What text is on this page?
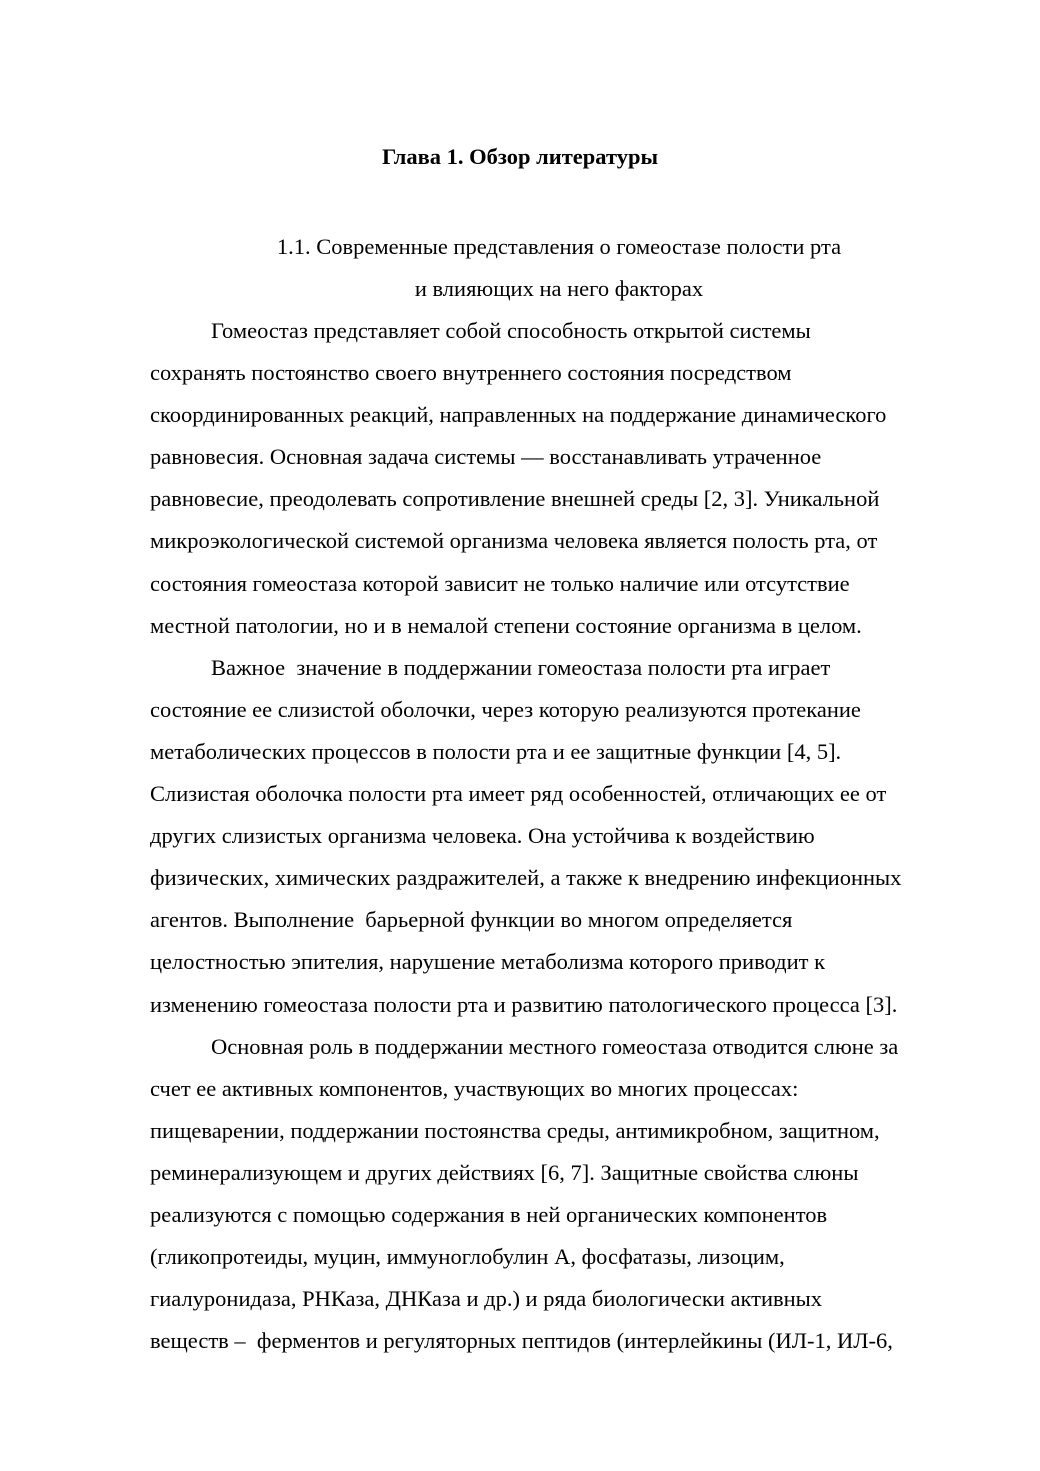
Глава 1. Обзор литературы
1.1. Современные представления о гомеостазе полости рта
и влияющих на него факторах
Гомеостаз представляет собой способность открытой системы
сохранять постоянство своего внутреннего состояния посредством
скоординированных реакций, направленных на поддержание динамического
равновесия. Основная задача системы — восстанавливать утраченное
равновесие, преодолевать сопротивление внешней среды [2, 3]. Уникальной
микроэкологической системой организма человека является полость рта, от
состояния гомеостаза которой зависит не только наличие или отсутствие
местной патологии, но и в немалой степени состояние организма в целом.
Важное  значение в поддержании гомеостаза полости рта играет
состояние ее слизистой оболочки, через которую реализуются протекание
метаболических процессов в полости рта и ее защитные функции [4, 5].
Слизистая оболочка полости рта имеет ряд особенностей, отличающих ее от
других слизистых организма человека. Она устойчива к воздействию
физических, химических раздражителей, а также к внедрению инфекционных
агентов. Выполнение  барьерной функции во многом определяется
целостностью эпителия, нарушение метаболизма которого приводит к
изменению гомеостаза полости рта и развитию патологического процесса [3].
Основная роль в поддержании местного гомеостаза отводится слюне за
счет ее активных компонентов, участвующих во многих процессах:
пищеварении, поддержании постоянства среды, антимикробном, защитном,
реминерализующем и других действиях [6, 7]. Защитные свойства слюны
реализуются с помощью содержания в ней органических компонентов
(гликопротеиды, муцин, иммуноглобулин А, фосфатазы, лизоцим,
гиалуронидаза, РНКаза, ДНКаза и др.) и ряда биологически активных
веществ –  ферментов и регуляторных пептидов (интерлейкины (ИЛ-1, ИЛ-6,
